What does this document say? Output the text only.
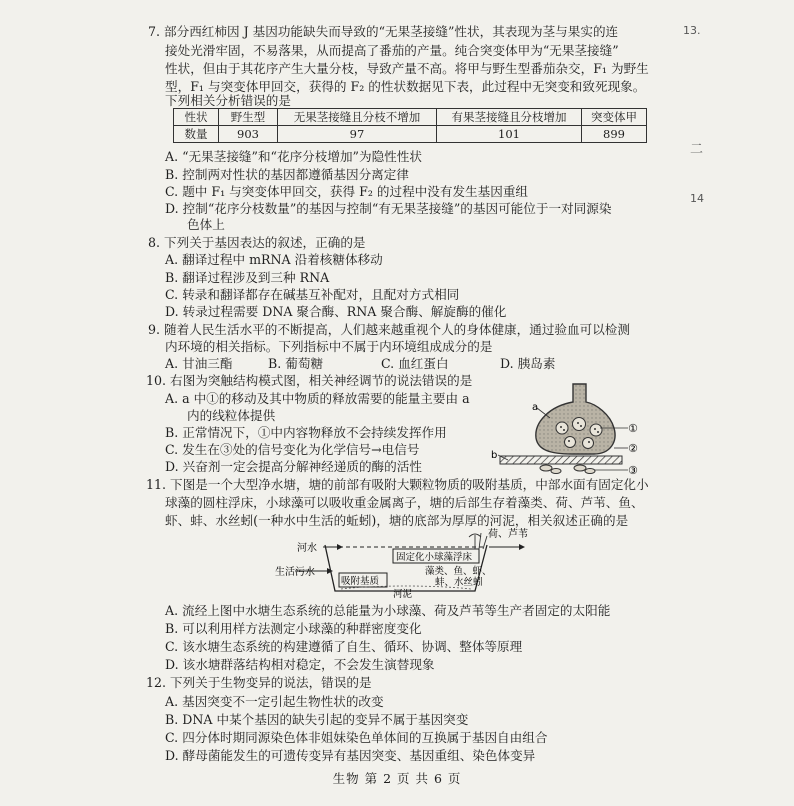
13.
二
14
7. 部分西红柿因 J 基因功能缺失而导致的“无果茎接缝”性状，其表现为茎与果实的连
接处光滑牢固，不易落果，从而提高了番茄的产量。纯合突变体甲为“无果茎接缝”
性状，但由于其花序产生大量分枝，导致产量不高。将甲与野生型番茄杂交，F₁ 为野生
型，F₁ 与突变体甲回交，获得的 F₂ 的性状数据见下表，此过程中无突变和致死现象。
下列相关分析错误的是
性状	野生型	无果茎接缝且分枝不增加	有果茎接缝且分枝增加	突变体甲
数量	903	97	101	899
A. “无果茎接缝”和“花序分枝增加”为隐性性状
B. 控制两对性状的基因都遵循基因分离定律
C. 题中 F₁ 与突变体甲回交，获得 F₂ 的过程中没有发生基因重组
D. 控制“花序分枝数量”的基因与控制“有无果茎接缝”的基因可能位于一对同源染
色体上
8. 下列关于基因表达的叙述，正确的是
A. 翻译过程中 mRNA 沿着核糖体移动
B. 翻译过程涉及到三种 RNA
C. 转录和翻译都存在碱基互补配对，且配对方式相同
D. 转录过程需要 DNA 聚合酶、RNA 聚合酶、解旋酶的催化
9. 随着人民生活水平的不断提高，人们越来越重视个人的身体健康，通过验血可以检测
内环境的相关指标。下列指标中不属于内环境组成成分的是
A. 甘油三酯	B. 葡萄糖	C. 血红蛋白	D. 胰岛素
10. 右图为突触结构模式图，相关神经调节的说法错误的是
A. a 中①的移动及其中物质的释放需要的能量主要由 a
内的线粒体提供
B. 正常情况下，①中内容物释放不会持续发挥作用
C. 发生在③处的信号变化为化学信号→电信号
D. 兴奋剂一定会提高分解神经递质的酶的活性
a
b
①
②
③
11. 下图是一个大型净水塘，塘的前部有吸附大颗粒物质的吸附基质，中部水面有固定化小
球藻的圆柱浮床，小球藻可以吸收重金属离子，塘的后部生存着藻类、荷、芦苇、鱼、
虾、蚌、水丝蚓(一种水中生活的蚯蚓)，塘的底部为厚厚的河泥，相关叙述正确的是
河水
生活污水
吸附基质
固定化小球藻浮床
荷、芦苇
藻类、鱼、虾、
蚌、水丝蚓
河泥
A. 流经上图中水塘生态系统的总能量为小球藻、荷及芦苇等生产者固定的太阳能
B. 可以利用样方法测定小球藻的种群密度变化
C. 该水塘生态系统的构建遵循了自生、循环、协调、整体等原理
D. 该水塘群落结构相对稳定，不会发生演替现象
12. 下列关于生物变异的说法，错误的是
A. 基因突变不一定引起生物性状的改变
B. DNA 中某个基因的缺失引起的变异不属于基因突变
C. 四分体时期同源染色体非姐妹染色单体间的互换属于基因自由组合
D. 酵母菌能发生的可遗传变异有基因突变、基因重组、染色体变异
生物 第 2 页 共 6 页
